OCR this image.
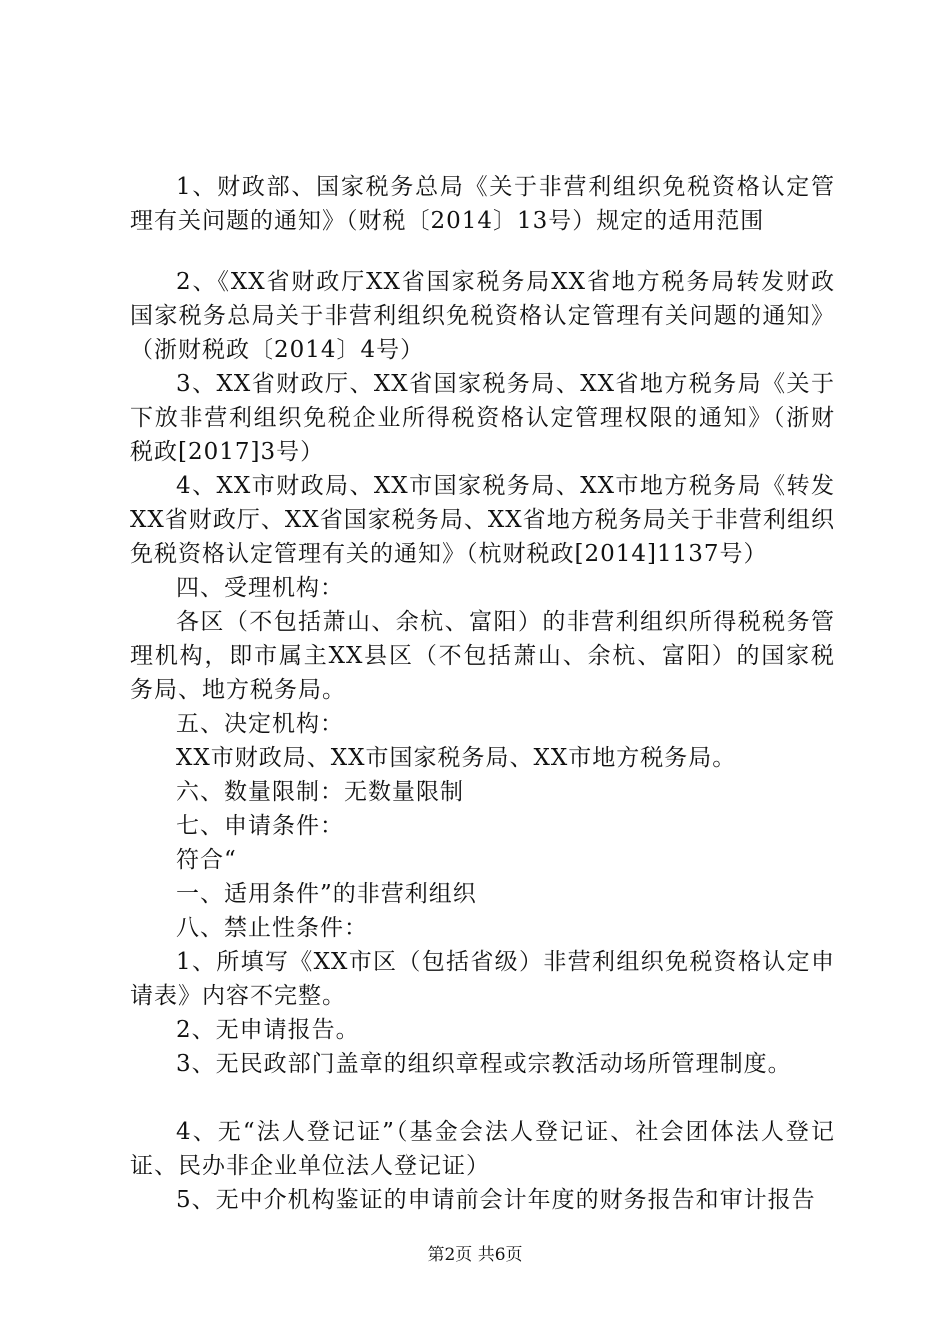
1、财政部、国家税务总局《关于非营利组织免税资格认定管理有关问题的通知》（财税〔2014〕13号）规定的适用范围

2、《XX省财政厅XX省国家税务局XX省地方税务局转发财政国家税务总局关于非营利组织免税资格认定管理有关问题的通知》（浙财税政〔2014〕4号）

3、XX省财政厅、XX省国家税务局、XX省地方税务局《关于下放非营利组织免税企业所得税资格认定管理权限的通知》（浙财税政[2017]3号）

4、XX市财政局、XX市国家税务局、XX市地方税务局《转发XX省财政厅、XX省国家税务局、XX省地方税务局关于非营利组织免税资格认定管理有关的通知》（杭财税政[2014]1137号）

四、受理机构：

各区（不包括萧山、余杭、富阳）的非营利组织所得税税务管理机构，即市属主XX县区（不包括萧山、余杭、富阳）的国家税务局、地方税务局。

五、决定机构：

XX市财政局、XX市国家税务局、XX市地方税务局。

六、数量限制：无数量限制

七、申请条件：

符合“

一、适用条件”的非营利组织

八、禁止性条件：

1、所填写《XX市区（包括省级）非营利组织免税资格认定申请表》内容不完整。

2、无申请报告。

3、无民政部门盖章的组织章程或宗教活动场所管理制度。

4、无“法人登记证”（基金会法人登记证、社会团体法人登记证、民办非企业单位法人登记证）

5、无中介机构鉴证的申请前会计年度的财务报告和审计报告

第2页 共6页
